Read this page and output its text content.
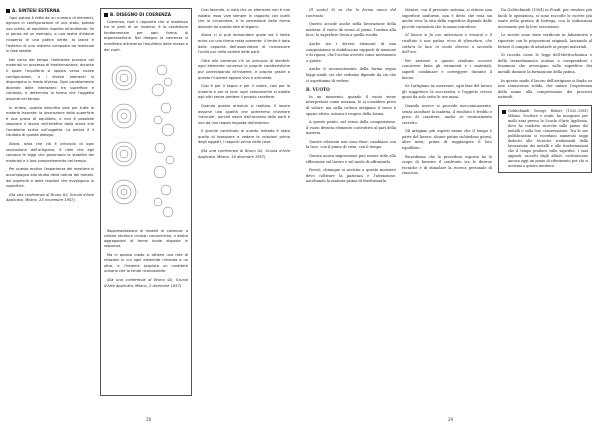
A. SINTESI ESTERNA

Ogni patina è fatta da un numero di elementi, ognuno in configurazione di uno stato, spesso non scelto, di equilibrio rispetto all'ambiente. Se si pensa ad un esempio, a una lastra d'ottone ricoperta di una patina verde, la lastra è l'esterno di una materia composta da molecole in fase stabile.

Nel corso del tempo l'ambiente provoca nei materiali un processo di trasformazione, durante il quale l'equilibrio si sposta verso nuove configurazioni, e i diversi elementi si dispongono in modo diverso. Ogni cambiamento dipende dalle interazioni tra superficie e contesto, e determina la forma che l'oggetto assume nel tempo.

In sintesi, quanto descritto vale per tutte le materie lavorate: la lavorazione della superficie è una prova di equilibrio, e non è possibile separare il lavoro dell'artefice dalla storia che l'ambiente scrive sull'oggetto. La patina è il risultato di questo dialogo.

Allora, dato che ciò è principio di ogni lavorazione dell'artigiano, è utile che egli conosca le leggi che governano la stabilità dei materiali e il loro comportamento nel tempo.

Per questo motivo l'esperienza del mestiere si accompagna allo studio della natura dei metalli, dei pigmenti e delle reazioni che avvengono in superficie.

(Da una conferenza di Bruno Gil, Scuola d'Arte Applicata, Milano, 25 novembre 1957)

B. DISEGNO DI COERENZA

Coerenza, cioè il rapporto che si stabilisce tra le parti di un insieme, è la condizione fondamentale per ogni forma di organizzazione. Nel disegno la coerenza si manifesta attraverso l'equilibrio delle masse e dei vuoti.

Rappresentazione di modelli di coerenza: a sinistra strutture circolari concentriche, a destra aggregazioni di forme tonde disposte in sequenza.

Ma in questo modo si ottiene una rete di relazioni in cui ogni elemento rimanda a un altro, e l'insieme acquista un carattere unitario che lo rende riconoscibile.

(Da una conferenza di Bruno Gil, Scuola d'Arte Applicata, Milano, 2 dicembre 1957)

Così facendo, si nota che un elemento non è mai isolato: esso vive sempre in rapporto con quelli che lo circondano, e la percezione della forma dipende da questa rete di legami.

Allora ci si può domandare quale sia il limite entro cui una forma resta coerente: il limite è dato dalla capacità dell'osservatore di riconoscere l'unità pur nella varietà delle parti.

Oltre alla coerenza c'è un principio di identità: ogni elemento conserva le proprie caratteristiche pur partecipando all'insieme, e proprio grazie a questo l'insieme appare vivo e articolato.

Così è per il segno e per il colore, così per la materia e per la luce: ogni componente si adatta agli altri senza perdere il proprio carattere.

Quando questa armonia si realizza, il lavoro assume una qualità che potremmo chiamare 'naturale', perché nasce dall'accordo delle parti e non da una regola imposta dall'esterno.

Il grande contributo di questo metodo è stato quello di insegnare a vedere le relazioni prima degli oggetti, i rapporti prima delle cose.

(Da una conferenza di Bruno Gil, Scuola d'Arte Applicata, Milano, 16 dicembre 1957)

28

(Il vuoto) Si sa che la forma nasce dal contrasto.

Questo accade anche nella lavorazione della materia: il vuoto dà senso al pieno, l'ombra alla luce, la superficie liscia a quella ruvida.

Anche tra i diversi elementi di una composizione si stabiliscono rapporti di tensione e di riposo, che l'occhio avverte come movimento o quiete.

Anche il riconoscimento della forma segue leggi simili: ciò che vediamo dipende da ciò che ci aspettiamo di vedere.

B. VUOTO

In un momento, quando il vuoto viene interpretato come assenza, lo si considera privo di valore; ma nella cultura artigiana il vuoto è spazio attivo, misura e respiro della forma.

A questo punto, nel senso della composizione, il vuoto diventa elemento costruttivo al pari della materia.

Queste relazioni non sono fisse: cambiano con la luce, con il punto di vista, con il tempo.

Questa nuova impressione può essere utile alla riflessione sul lavoro e sul modo di affrontarlo.

Perciò, chiunque si avvicini a questo mestiere deve coltivare la pazienza e l'attenzione, ascoltando la materia prima di trasformarla.

Mentre, con il presente sistema, si ottiene una superficie uniforme, non è detto che essa sia anche viva: la vita della superficie dipende dalle piccole variazioni che la mano introduce.

(il lavoro si fa con attenzione e misura) e il risultato è una patina ricca di sfumature, che cattura la luce in modo diverso a seconda dell'ora.

Per arrivare a questo risultato occorre conoscere bene gli strumenti e i materiali, saperli combinare e correggere durante il lavoro.

Se l'artigiano sa osservare, ogni fase del lavoro gli suggerisce la successiva, e l'oggetto cresce quasi da solo sotto le sue mani.

Quando invece si procede meccanicamente, senza ascoltare la materia, il risultato è freddo e privo di carattere, anche se tecnicamente corretto.

Gli artigiani più esperti sanno che il tempo è parte del lavoro: alcune patine richiedono giorni, altre mesi, prima di raggiungere il loro equilibrio.

Ricordiamo che la procedura esposta ha lo scopo di favorire il confronto tra le diverse tecniche e di stimolare la ricerca personale di ciascuno.

Da Goldschmidt (1954) in Fondi, per rendere più facili le operazioni, si sono raccolte le ricette più usate nella pratica di bottega, con le indicazioni necessarie per la loro esecuzione.

Le ricette sono state verificate in laboratorio e riportate con le proporzioni originali, lasciando al lettore il compito di adattarle ai propri materiali.

Si ricorda come le leggi dell'elettrochimica e della termodinamica aiutino a comprendere i fenomeni che avvengono sulla superficie dei metalli durante la formazione della patina.

In questo modo il lavoro dell'artigiano si fonda su una conoscenza solida, che unisce l'esperienza della mano alla comprensione dei processi naturali.

Goldschmidt George Robert (1920–1981) Milano. Scultore e orafo, ha insegnato per molti anni presso la Scuola d'Arte Applicata, dove ha condotto ricerche sulle patine dei metalli e sulla loro conservazione. Tra le sue pubblicazioni si ricordano numerosi saggi dedicati alle tecniche tradizionali della lavorazione dei metalli e alle trasformazioni che il tempo produce sulle superfici. I suoi appunti, raccolti dagli allievi, costituiscono ancora oggi un punto di riferimento per chi si avvicina a questo mestiere.
29
